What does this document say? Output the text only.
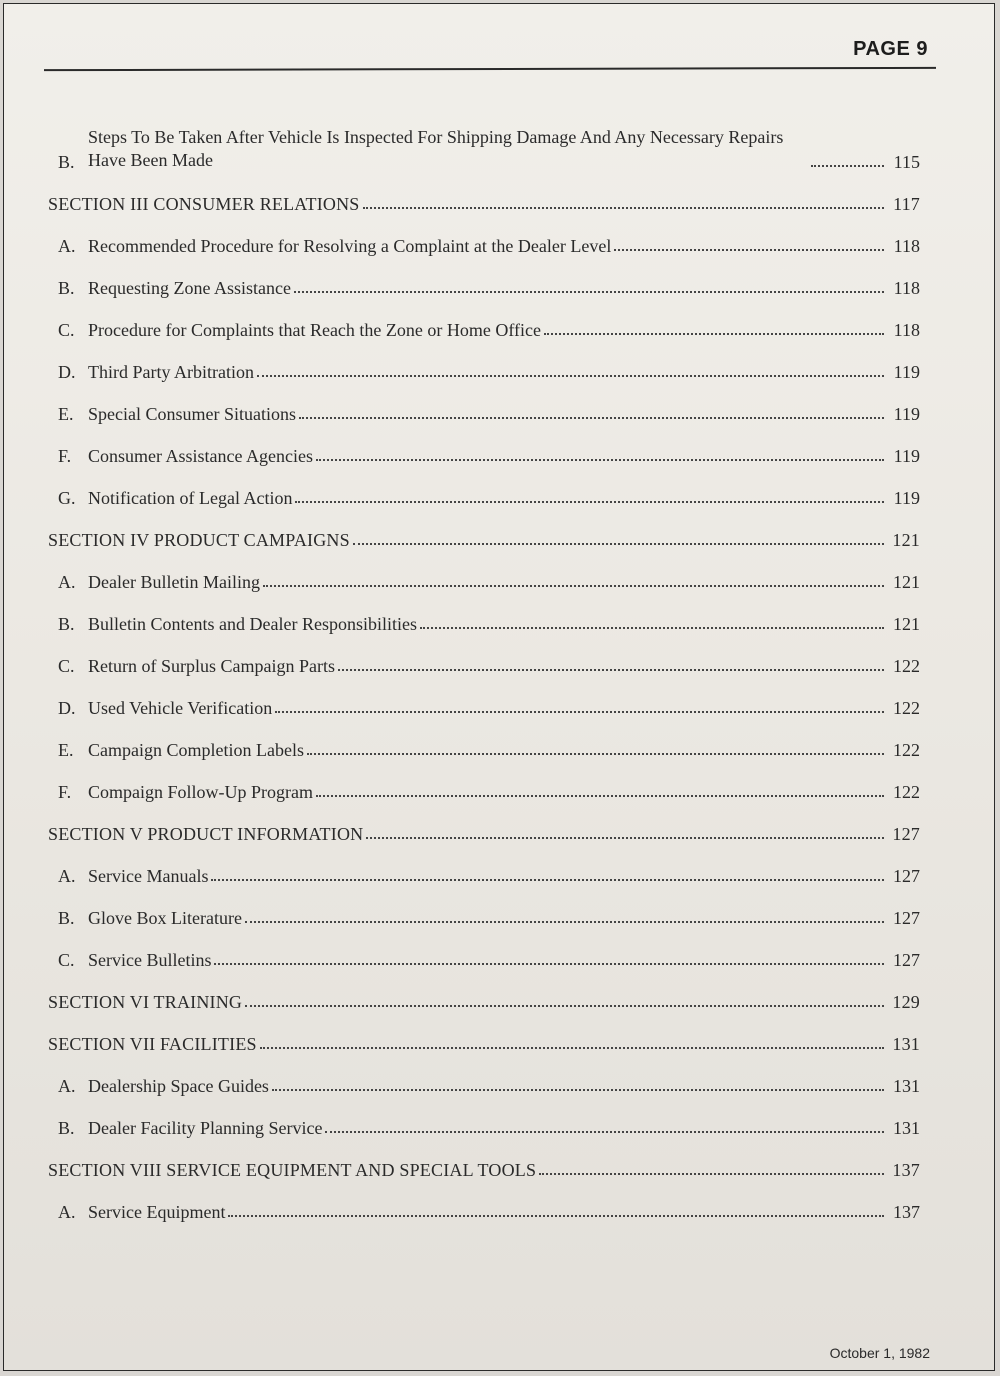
PAGE 9
B.
Steps To Be Taken After Vehicle Is Inspected For Shipping Damage And Any Necessary Repairs Have Been Made	115
SECTION III CONSUMER RELATIONS	117
A. Recommended Procedure for Resolving a Complaint at the Dealer Level	118
B. Requesting Zone Assistance	118
C. Procedure for Complaints that Reach the Zone or Home Office	118
D. Third Party Arbitration	119
E. Special Consumer Situations	119
F. Consumer Assistance Agencies	119
G. Notification of Legal Action	119
SECTION IV PRODUCT CAMPAIGNS	121
A. Dealer Bulletin Mailing	121
B. Bulletin Contents and Dealer Responsibilities	121
C. Return of Surplus Campaign Parts	122
D. Used Vehicle Verification	122
E. Campaign Completion Labels	122
F. Compaign Follow-Up Program	122
SECTION V PRODUCT INFORMATION	127
A. Service Manuals	127
B. Glove Box Literature	127
C. Service Bulletins	127
SECTION VI TRAINING	129
SECTION VII FACILITIES	131
A. Dealership Space Guides	131
B. Dealer Facility Planning Service	131
SECTION VIII SERVICE EQUIPMENT AND SPECIAL TOOLS	137
A. Service Equipment	137
October 1, 1982
